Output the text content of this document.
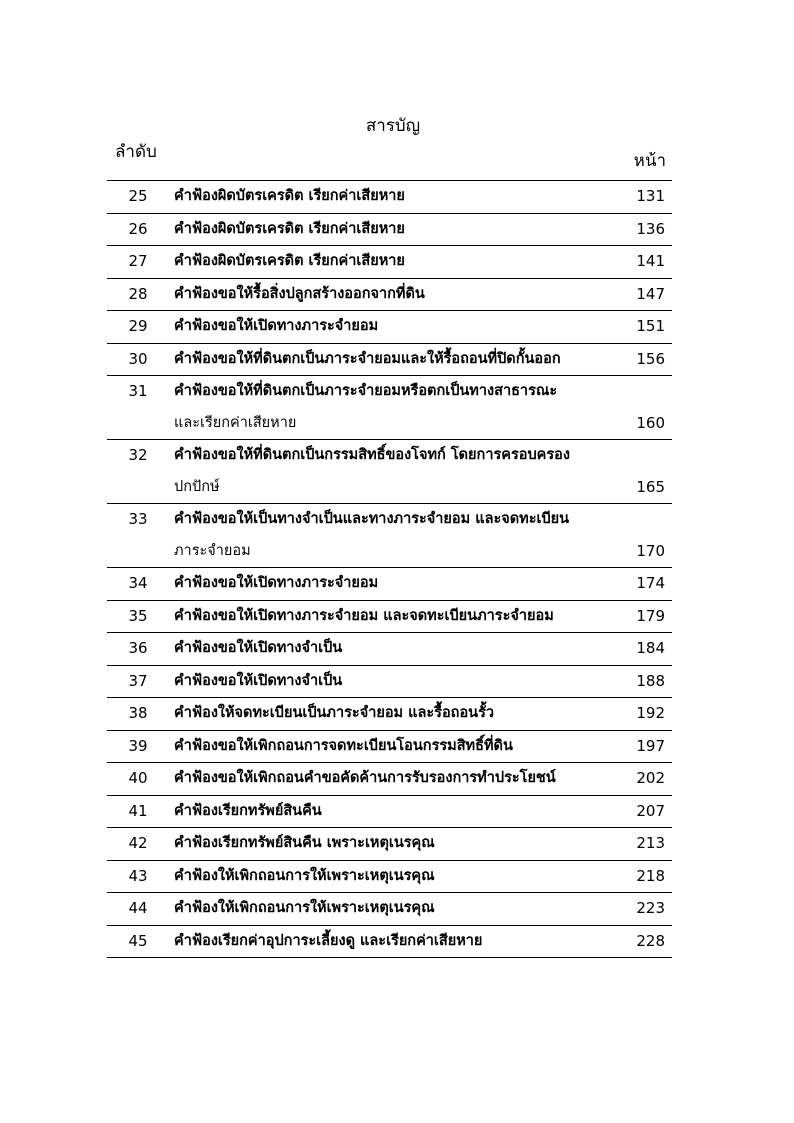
สารบัญ
ลำดับ	หน้า
25	คำฟ้องผิดบัตรเครดิต เรียกค่าเสียหาย	131
26	คำฟ้องผิดบัตรเครดิต เรียกค่าเสียหาย	136
27	คำฟ้องผิดบัตรเครดิต เรียกค่าเสียหาย	141
28	คำฟ้องขอให้รื้อสิ่งปลูกสร้างออกจากที่ดิน	147
29	คำฟ้องขอให้เปิดทางภาระจำยอม	151
30	คำฟ้องขอให้ที่ดินตกเป็นภาระจำยอมและให้รื้อถอนที่ปิดกั้นออก	156
31	คำฟ้องขอให้ที่ดินตกเป็นภาระจำยอมหรือตกเป็นทางสาธารณะ
และเรียกค่าเสียหาย	160
32	คำฟ้องขอให้ที่ดินตกเป็นกรรมสิทธิ์ของโจทก์ โดยการครอบครอง
ปกปักษ์	165
33	คำฟ้องขอให้เป็นทางจำเป็นและทางภาระจำยอม และจดทะเบียน
ภาระจำยอม	170
34	คำฟ้องขอให้เปิดทางภาระจำยอม	174
35	คำฟ้องขอให้เปิดทางภาระจำยอม และจดทะเบียนภาระจำยอม	179
36	คำฟ้องขอให้เปิดทางจำเป็น	184
37	คำฟ้องขอให้เปิดทางจำเป็น	188
38	คำฟ้องให้จดทะเบียนเป็นภาระจำยอม และรื้อถอนรั้ว	192
39	คำฟ้องขอให้เพิกถอนการจดทะเบียนโอนกรรมสิทธิ์ที่ดิน	197
40	คำฟ้องขอให้เพิกถอนคำขอคัดค้านการรับรองการทำประโยชน์	202
41	คำฟ้องเรียกทรัพย์สินคืน	207
42	คำฟ้องเรียกทรัพย์สินคืน เพราะเหตุเนรคุณ	213
43	คำฟ้องให้เพิกถอนการให้เพราะเหตุเนรคุณ	218
44	คำฟ้องให้เพิกถอนการให้เพราะเหตุเนรคุณ	223
45	คำฟ้องเรียกค่าอุปการะเลี้ยงดู และเรียกค่าเสียหาย	228
